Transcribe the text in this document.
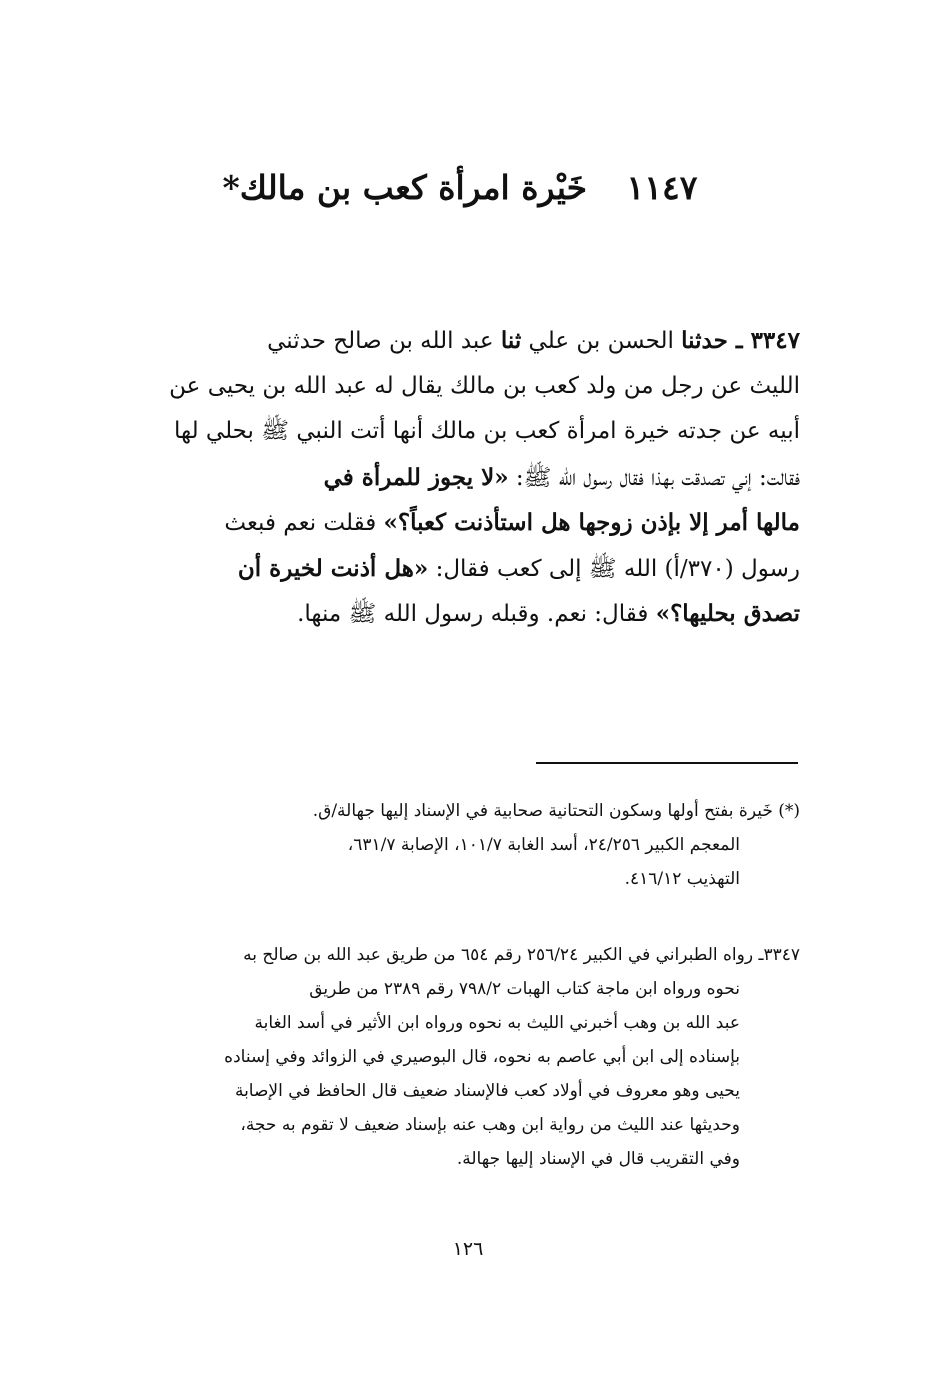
١١٤٧ خَيْرة امرأة كعب بن مالك*
٣٣٤٧ ـ حدثنا الحسن بن علي ثنا عبد الله بن صالح حدثني
الليث عن رجل من ولد كعب بن مالك يقال له عبد الله بن يحيى عن
أبيه عن جدته خيرة امرأة كعب بن مالك أنها أتت النبي ﷺ بحلي لها
فقالت: إني تصدقت بهذا فقال رسول الله ﷺ: «لا يجوز للمرأة في
مالها أمر إلا بإذن زوجها هل استأذنت كعباً؟» فقلت نعم فبعث
رسول (٣٧٠/أ) الله ﷺ إلى كعب فقال: «هل أذنت لخيرة أن
تصدق بحليها؟» فقال: نعم. وقبله رسول الله ﷺ منها.
(*) خَيرة بفتح أولها وسكون التحتانية صحابية في الإسناد إليها جهالة/ق.
المعجم الكبير ٢٤/٢٥٦، أسد الغابة ١٠١/٧، الإصابة ٦٣١/٧،
التهذيب ٤١٦/١٢.
٣٣٤٧ـ رواه الطبراني في الكبير ٢٥٦/٢٤ رقم ٦٥٤ من طريق عبد الله بن صالح به
نحوه ورواه ابن ماجة كتاب الهبات ٧٩٨/٢ رقم ٢٣٨٩ من طريق
عبد الله بن وهب أخبرني الليث به نحوه ورواه ابن الأثير في أسد الغابة
بإسناده إلى ابن أبي عاصم به نحوه، قال البوصيري في الزوائد وفي إسناده
يحيى وهو معروف في أولاد كعب فالإسناد ضعيف قال الحافظ في الإصابة
وحديثها عند الليث من رواية ابن وهب عنه بإسناد ضعيف لا تقوم به حجة،
وفي التقريب قال في الإسناد إليها جهالة.
١٢٦
